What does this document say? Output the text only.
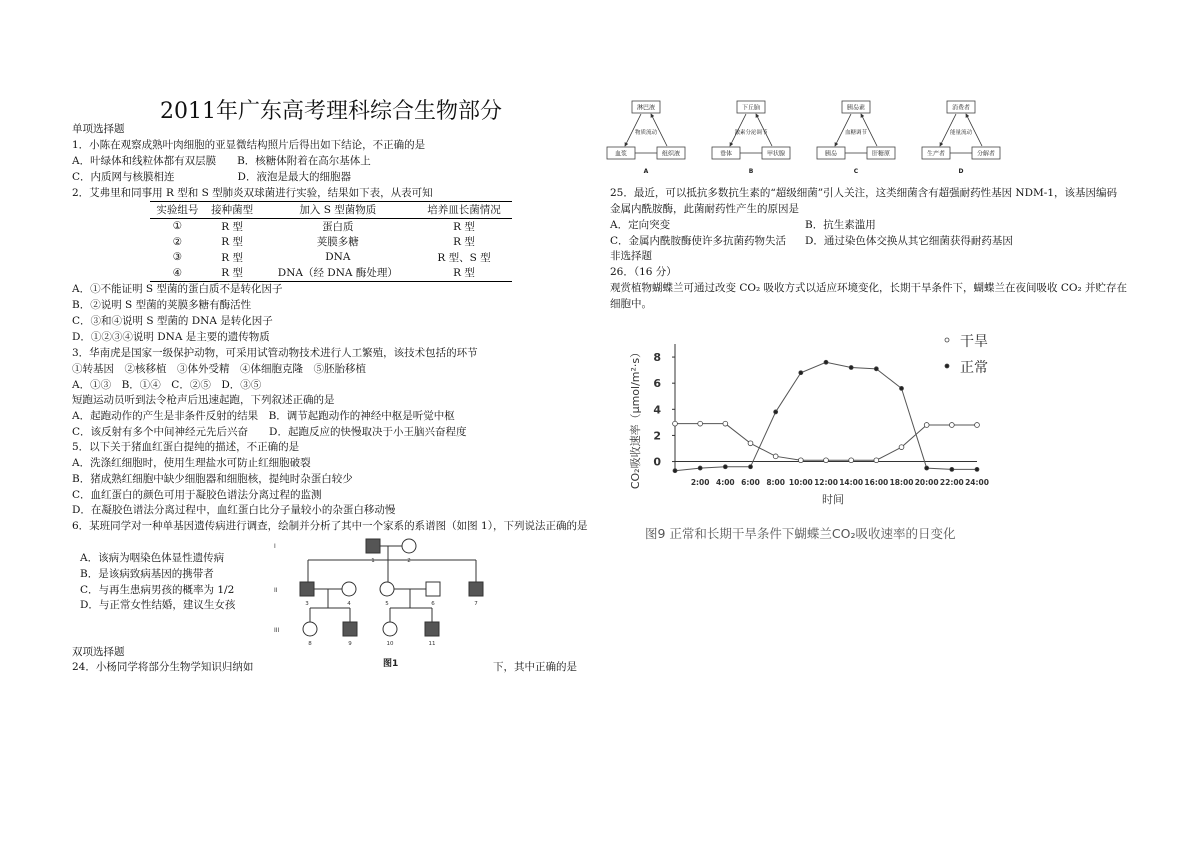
2011年广东高考理科综合生物部分
单项选择题
1．小陈在观察成熟叶肉细胞的亚显微结构照片后得出如下结论，不正确的是
A．叶绿体和线粒体都有双层膜　　B．核糖体附着在高尔基体上
C．内质网与核膜相连　　　　　　D．液泡是最大的细胞器
2．艾弗里和同事用 R 型和 S 型肺炎双球菌进行实验，结果如下表，从表可知
A．①不能证明 S 型菌的蛋白质不是转化因子
B．②说明 S 型菌的荚膜多糖有酶活性
C．③和④说明 S 型菌的 DNA 是转化因子
D．①②③④说明 DNA 是主要的遗传物质
3．华南虎是国家一级保护动物，可采用试管动物技术进行人工繁殖，该技术包括的环节
①转基因　②核移植　③体外受精　④体细胞克隆　⑤胚胎移植
A．①③　B．①④　C．②⑤　D．③⑤
短跑运动员听到法令枪声后迅速起跑，下列叙述正确的是
A．起跑动作的产生是非条件反射的结果　B．调节起跑动作的神经中枢是听觉中枢
C．该反射有多个中间神经元先后兴奋　　D．起跑反应的快慢取决于小王脑兴奋程度
5．以下关于猪血红蛋白提纯的描述，不正确的是
A．洗涤红细胞时，使用生理盐水可防止红细胞破裂
B．猪成熟红细胞中缺少细胞器和细胞核，提纯时杂蛋白较少
C．血红蛋白的颜色可用于凝胶色谱法分离过程的监测
D．在凝胶色谱法分离过程中，血红蛋白比分子量较小的杂蛋白移动慢
6．某班同学对一种单基因遗传病进行调查，绘制并分析了其中一个家系的系谱图（如图 1），下列说法正确的是
A．该病为咽染色体显性遗传病
B．是该病致病基因的携带者
C．与再生患病男孩的概率为 1/2
D．与正常女性结婚，建议生女孩
双项选择题
24．小杨同学将部分生物学知识归纳如	下，其中正确的是
实验组号	接种菌型	加入 S 型菌物质	培养皿长菌情况
①	R 型	蛋白质	R 型
②	R 型	荚膜多糖	R 型
③	R 型	DNA	R 型、S 型
④	R 型	DNA（经 DNA 酶处理）	R 型
I
II
III
1	2
3	4	5	6	7
8	9	10	11
图1
25．最近，可以抵抗多数抗生素的“超级细菌”引人关注，这类细菌含有超强耐药性基因 NDM-1，该基因编码
金属内酰胺酶，此菌耐药性产生的原因是
A．定向突变	B．抗生素滥用
C．金属内酰胺酶使许多抗菌药物失活 D．通过染色体交换从其它细菌获得耐药基因
非选择题
26．（16 分）
观赏植物蝴蝶兰可通过改变 CO₂ 吸收方式以适应环境变化，长期干旱条件下，蝴蝶兰在夜间吸收 CO₂ 并贮存在
细胞中。
淋巴液
血浆	组织液
物质流动
A
下丘脑
垂体	甲状腺
激素分泌调节
B
胰岛素
胰岛	肝糖原
血糖调节
C
消费者
生产者	分解者
能量流动
D
0
2
4
6
8
2:00 4:00 6:00 8:00 10:00 12:00 14:00 16:00 18:00 20:00 22:00 24:00
时间
CO₂吸收速率（μmol/m²·s）
干旱
正常
图9 正常和长期干旱条件下蝴蝶兰CO₂吸收速率的日变化
